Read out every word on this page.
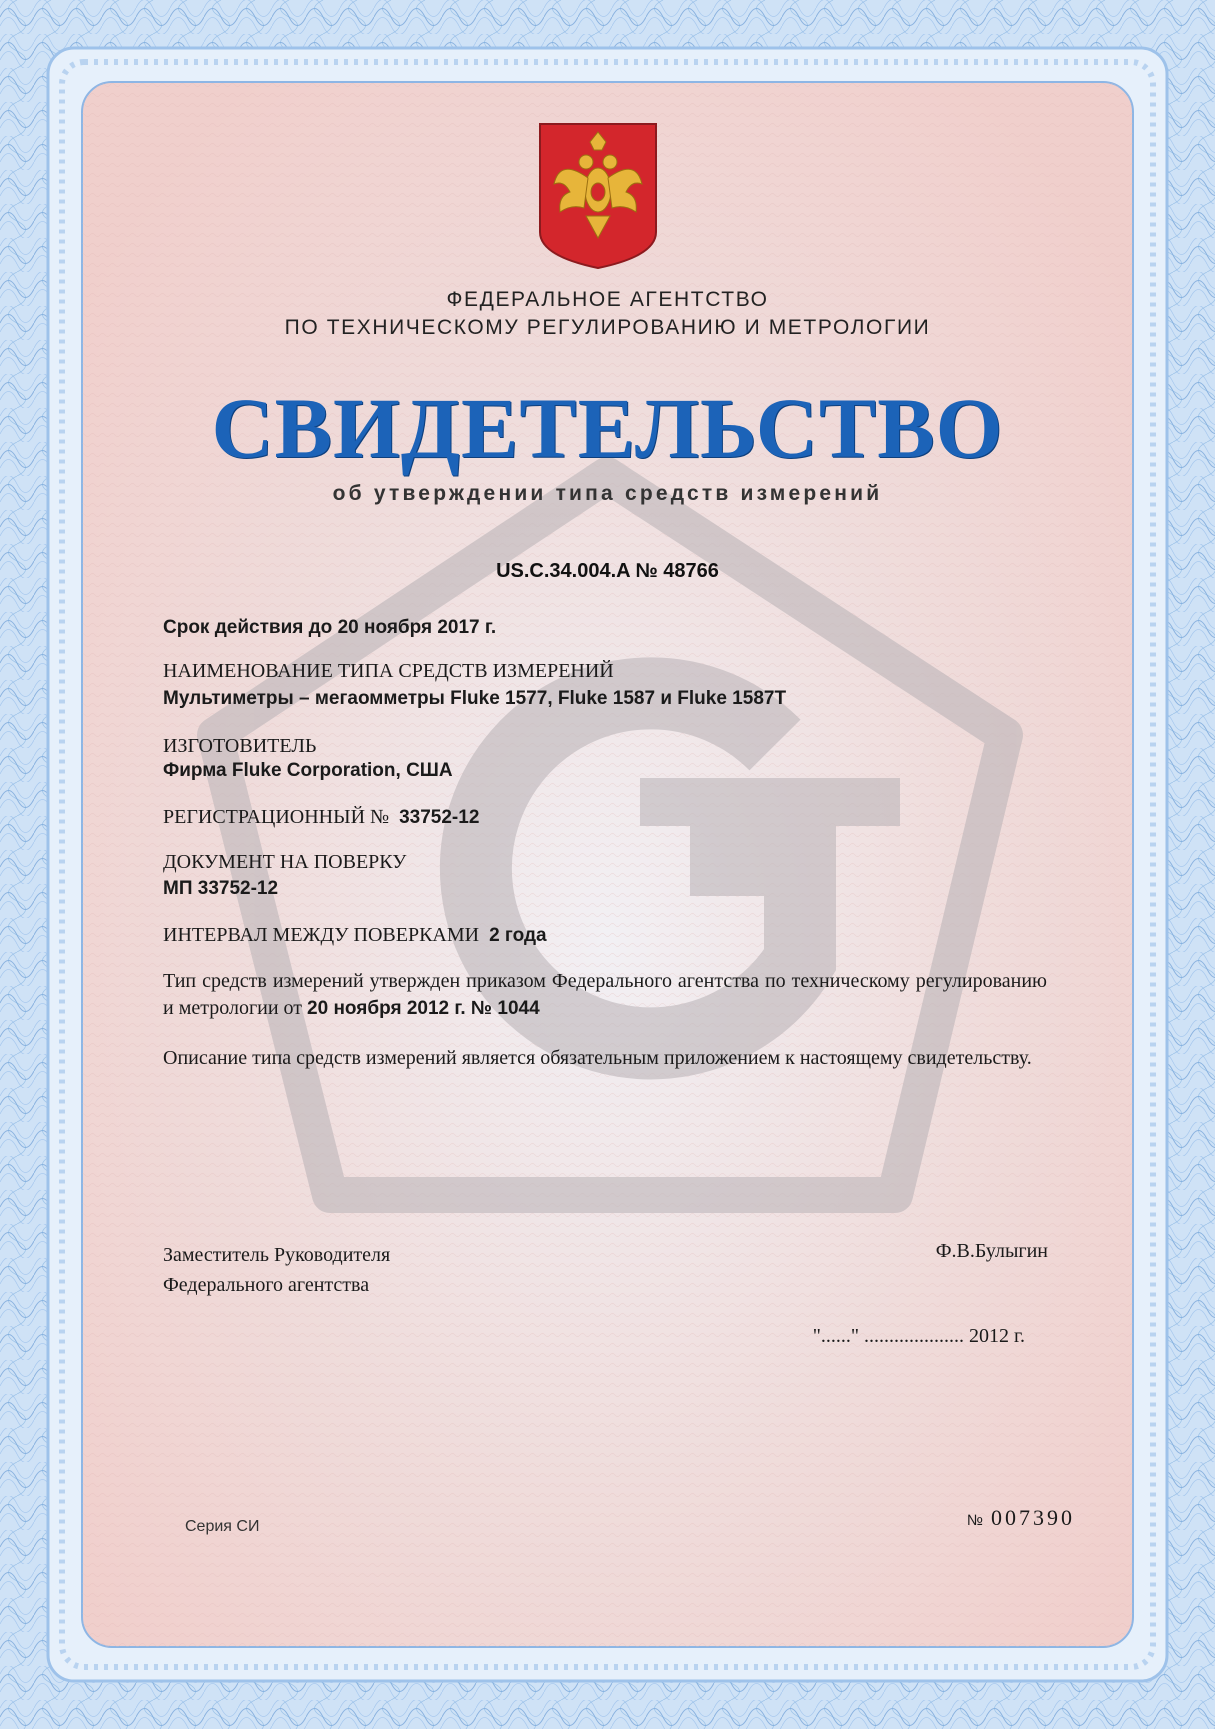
ФЕДЕРАЛЬНОЕ АГЕНТСТВО
ПО ТЕХНИЧЕСКОМУ РЕГУЛИРОВАНИЮ И МЕТРОЛОГИИ
СВИДЕТЕЛЬСТВО
об утверждении типа средств измерений
US.C.34.004.A № 48766
Срок действия до 20 ноября 2017 г.
НАИМЕНОВАНИЕ ТИПА СРЕДСТВ ИЗМЕРЕНИЙ
Мультиметры – мегаомметры Fluke 1577, Fluke 1587 и Fluke 1587T
ИЗГОТОВИТЕЛЬ
Фирма Fluke Corporation, США
РЕГИСТРАЦИОННЫЙ № 33752-12
ДОКУМЕНТ НА ПОВЕРКУ
МП 33752-12
ИНТЕРВАЛ МЕЖДУ ПОВЕРКАМИ 2 года
Тип средств измерений утвержден приказом Федерального агентства по техническому регулированию и метрологии от 20 ноября 2012 г. № 1044
Описание типа средств измерений является обязательным приложением к настоящему свидетельству.
Заместитель Руководителя
Федерального агентства
Ф.В.Булыгин
"......" .................... 2012 г.
Серия СИ	№ 007390
